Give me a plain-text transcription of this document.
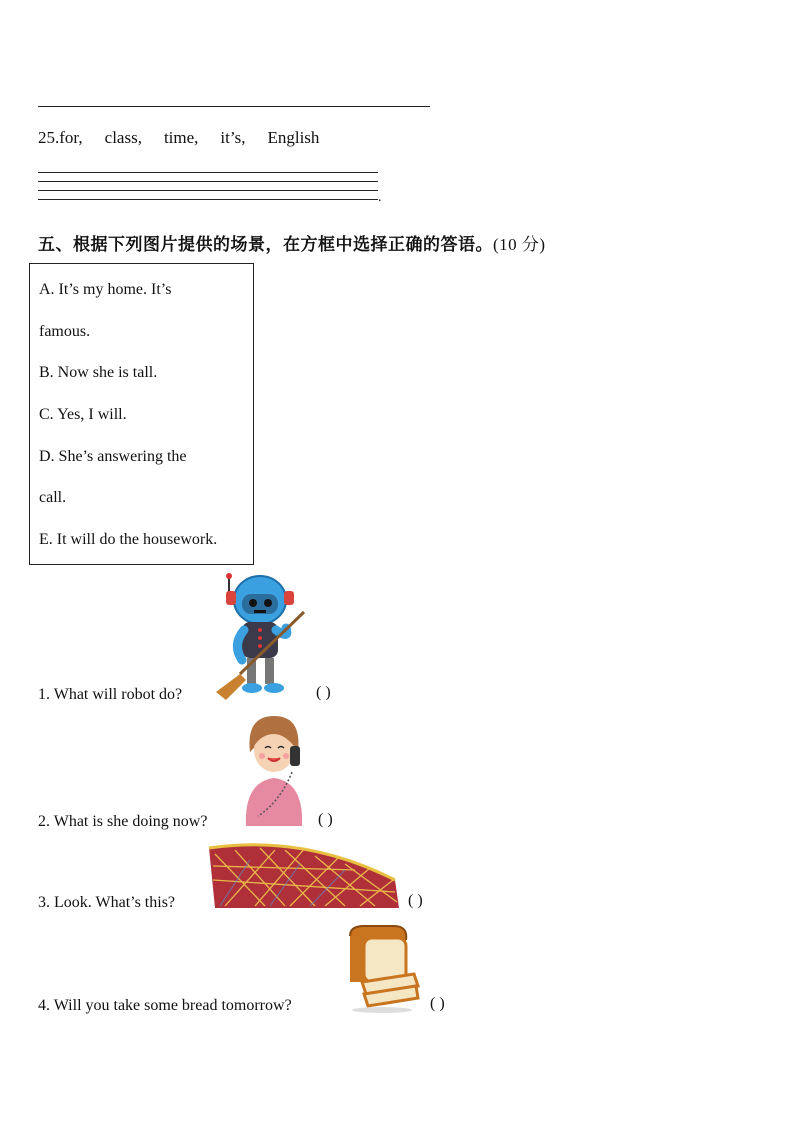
25.for, class, time, it’s, English
.
五、根据下列图片提供的场景，在方框中选择正确的答语。(10 分)
A. It’s my home. It’s
famous.
B. Now she is tall.
C. Yes, I will.
D. She’s answering the
call.
E. It will do the housework.
1. What will robot do?	( )
2. What is she doing now?	( )
3. Look. What’s this?	( )
4. Will you take some bread tomorrow?	( )
